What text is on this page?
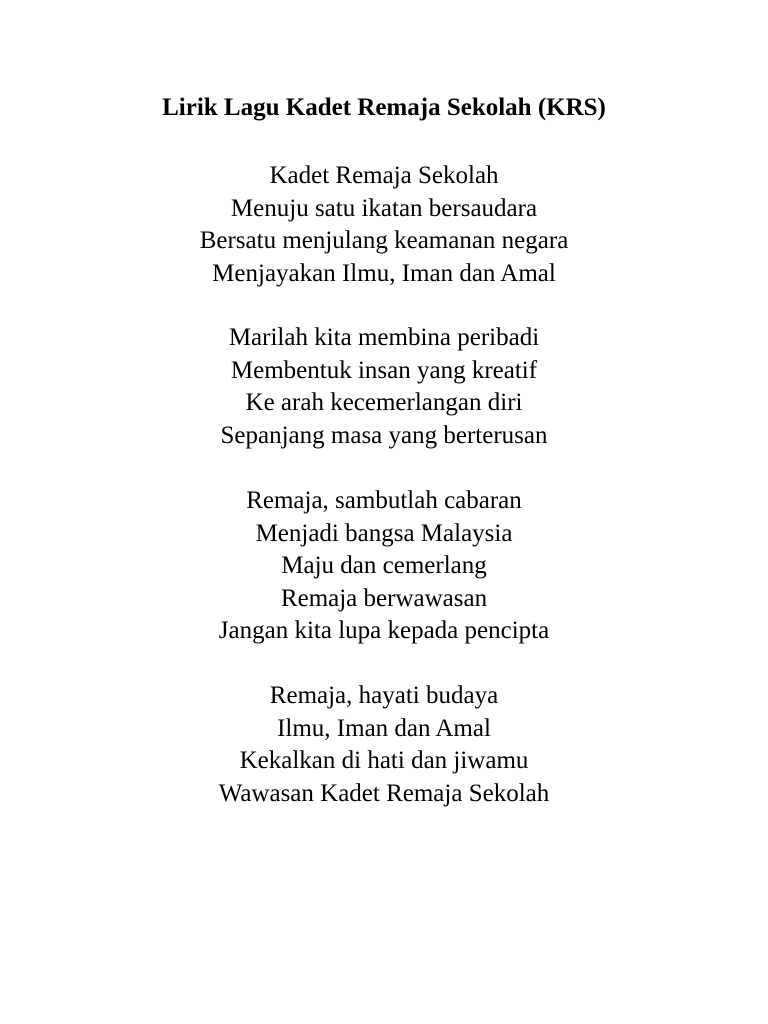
Lirik Lagu Kadet Remaja Sekolah (KRS)
Kadet Remaja Sekolah
Menuju satu ikatan bersaudara
Bersatu menjulang keamanan negara
Menjayakan Ilmu, Iman dan Amal
Marilah kita membina peribadi
Membentuk insan yang kreatif
Ke arah kecemerlangan diri
Sepanjang masa yang berterusan
Remaja, sambutlah cabaran
Menjadi bangsa Malaysia
Maju dan cemerlang
Remaja berwawasan
Jangan kita lupa kepada pencipta
Remaja, hayati budaya
Ilmu, Iman dan Amal
Kekalkan di hati dan jiwamu
Wawasan Kadet Remaja Sekolah
